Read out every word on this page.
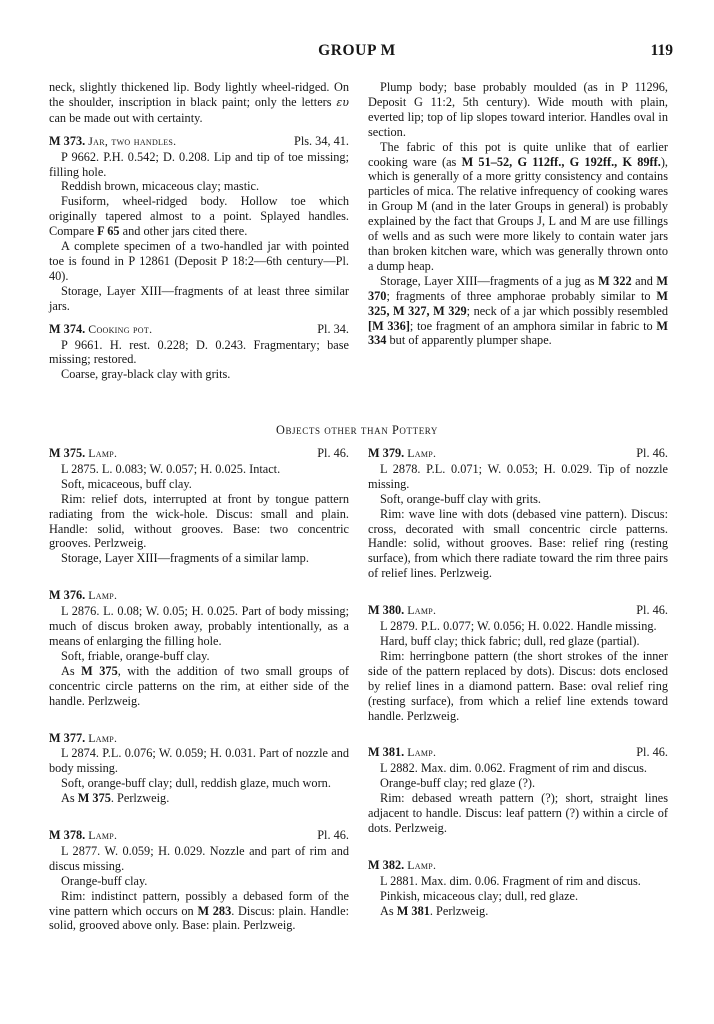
GROUP M	119

neck, slightly thickened lip. Body lightly wheel-ridged. On the shoulder, inscription in black paint; only the letters ευ can be made out with certainty.

M 373. Jar, two handles.	Pls. 34, 41.

P 9662. P.H. 0.542; D. 0.208. Lip and tip of toe missing; filling hole.

Reddish brown, micaceous clay; mastic.

Fusiform, wheel-ridged body. Hollow toe which originally tapered almost to a point. Splayed handles. Compare F 65 and other jars cited there.

A complete specimen of a two-handled jar with pointed toe is found in P 12861 (Deposit P 18:2—6th century—Pl. 40).

Storage, Layer XIII—fragments of at least three similar jars.

M 374. Cooking pot.	Pl. 34.

P 9661. H. rest. 0.228; D. 0.243. Fragmentary; base missing; restored.

Coarse, gray-black clay with grits.

Plump body; base probably moulded (as in P 11296, Deposit G 11:2, 5th century). Wide mouth with plain, everted lip; top of lip slopes toward interior. Handles oval in section.

The fabric of this pot is quite unlike that of earlier cooking ware (as M 51–52, G 112ff., G 192ff., K 89ff.), which is generally of a more gritty consistency and contains particles of mica. The relative infrequency of cooking wares in Group M (and in the later Groups in general) is probably explained by the fact that Groups J, L and M are use fillings of wells and as such were more likely to contain water jars than broken kitchen ware, which was generally thrown onto a dump heap.

Storage, Layer XIII—fragments of a jug as M 322 and M 370; fragments of three amphorae probably similar to M 325, M 327, M 329; neck of a jar which possibly resembled [M 336]; toe fragment of an amphora similar in fabric to M 334 but of apparently plumper shape.

Objects other than Pottery
M 375. Lamp.	Pl. 46.

L 2875. L. 0.083; W. 0.057; H. 0.025. Intact.

Soft, micaceous, buff clay.

Rim: relief dots, interrupted at front by tongue pattern radiating from the wick-hole. Discus: small and plain. Handle: solid, without grooves. Base: two concentric grooves. Perlzweig.

Storage, Layer XIII—fragments of a similar lamp.

M 376. Lamp.

L 2876. L. 0.08; W. 0.05; H. 0.025. Part of body missing; much of discus broken away, probably intentionally, as a means of enlarging the filling hole.

Soft, friable, orange-buff clay.

As M 375, with the addition of two small groups of concentric circle patterns on the rim, at either side of the handle. Perlzweig.

M 377. Lamp.

L 2874. P.L. 0.076; W. 0.059; H. 0.031. Part of nozzle and body missing.

Soft, orange-buff clay; dull, reddish glaze, much worn.

As M 375. Perlzweig.

M 378. Lamp.	Pl. 46.

L 2877. W. 0.059; H. 0.029. Nozzle and part of rim and discus missing.

Orange-buff clay.

Rim: indistinct pattern, possibly a debased form of the vine pattern which occurs on M 283. Discus: plain. Handle: solid, grooved above only. Base: plain. Perlzweig.

M 379. Lamp.	Pl. 46.

L 2878. P.L. 0.071; W. 0.053; H. 0.029. Tip of nozzle missing.

Soft, orange-buff clay with grits.

Rim: wave line with dots (debased vine pattern). Discus: cross, decorated with small concentric circle patterns. Handle: solid, without grooves. Base: relief ring (resting surface), from which there radiate toward the rim three pairs of relief lines. Perlzweig.

M 380. Lamp.	Pl. 46.

L 2879. P.L. 0.077; W. 0.056; H. 0.022. Handle missing.

Hard, buff clay; thick fabric; dull, red glaze (partial).

Rim: herringbone pattern (the short strokes of the inner side of the pattern replaced by dots). Discus: dots enclosed by relief lines in a diamond pattern. Base: oval relief ring (resting surface), from which a relief line extends toward handle. Perlzweig.

M 381. Lamp.	Pl. 46.

L 2882. Max. dim. 0.062. Fragment of rim and discus.

Orange-buff clay; red glaze (?).

Rim: debased wreath pattern (?); short, straight lines adjacent to handle. Discus: leaf pattern (?) within a circle of dots. Perlzweig.

M 382. Lamp.

L 2881. Max. dim. 0.06. Fragment of rim and discus.

Pinkish, micaceous clay; dull, red glaze.

As M 381. Perlzweig.
